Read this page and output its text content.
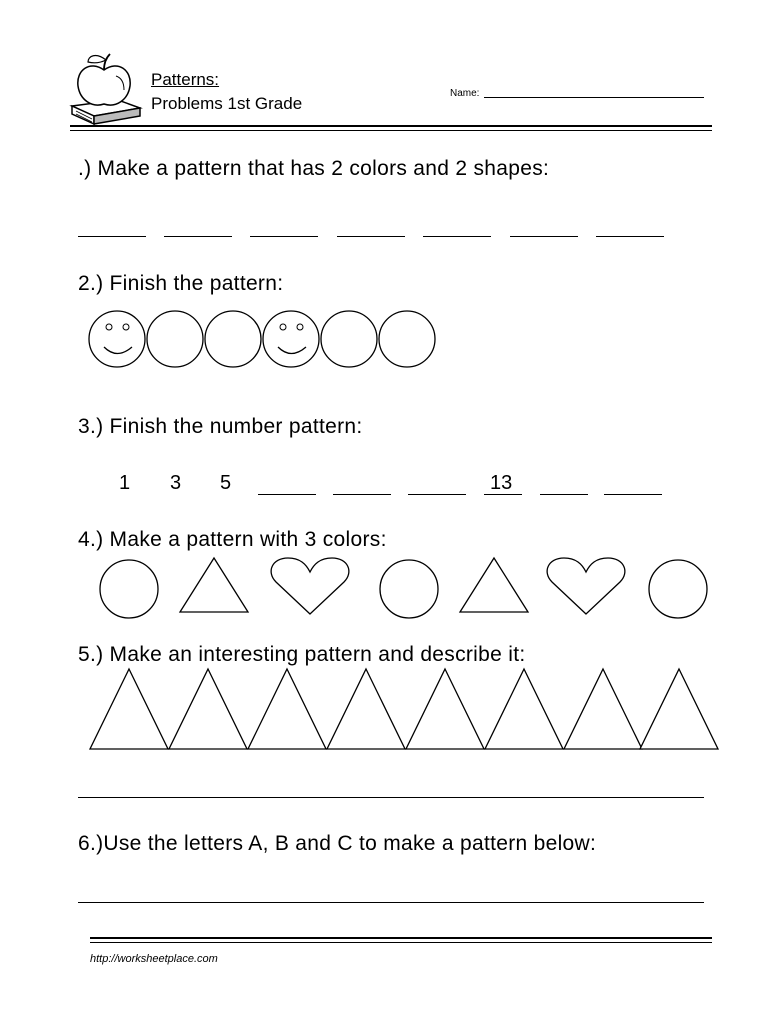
Patterns:
Problems 1st Grade
Name:
.) Make a pattern that has 2 colors and 2 shapes:
2.) Finish the pattern:
3.) Finish the number pattern:
1 3 5	13
4.) Make a pattern with 3 colors:
5.) Make an interesting pattern and describe it:
6.)Use the letters A, B and C to make a pattern below:
http://worksheetplace.com
